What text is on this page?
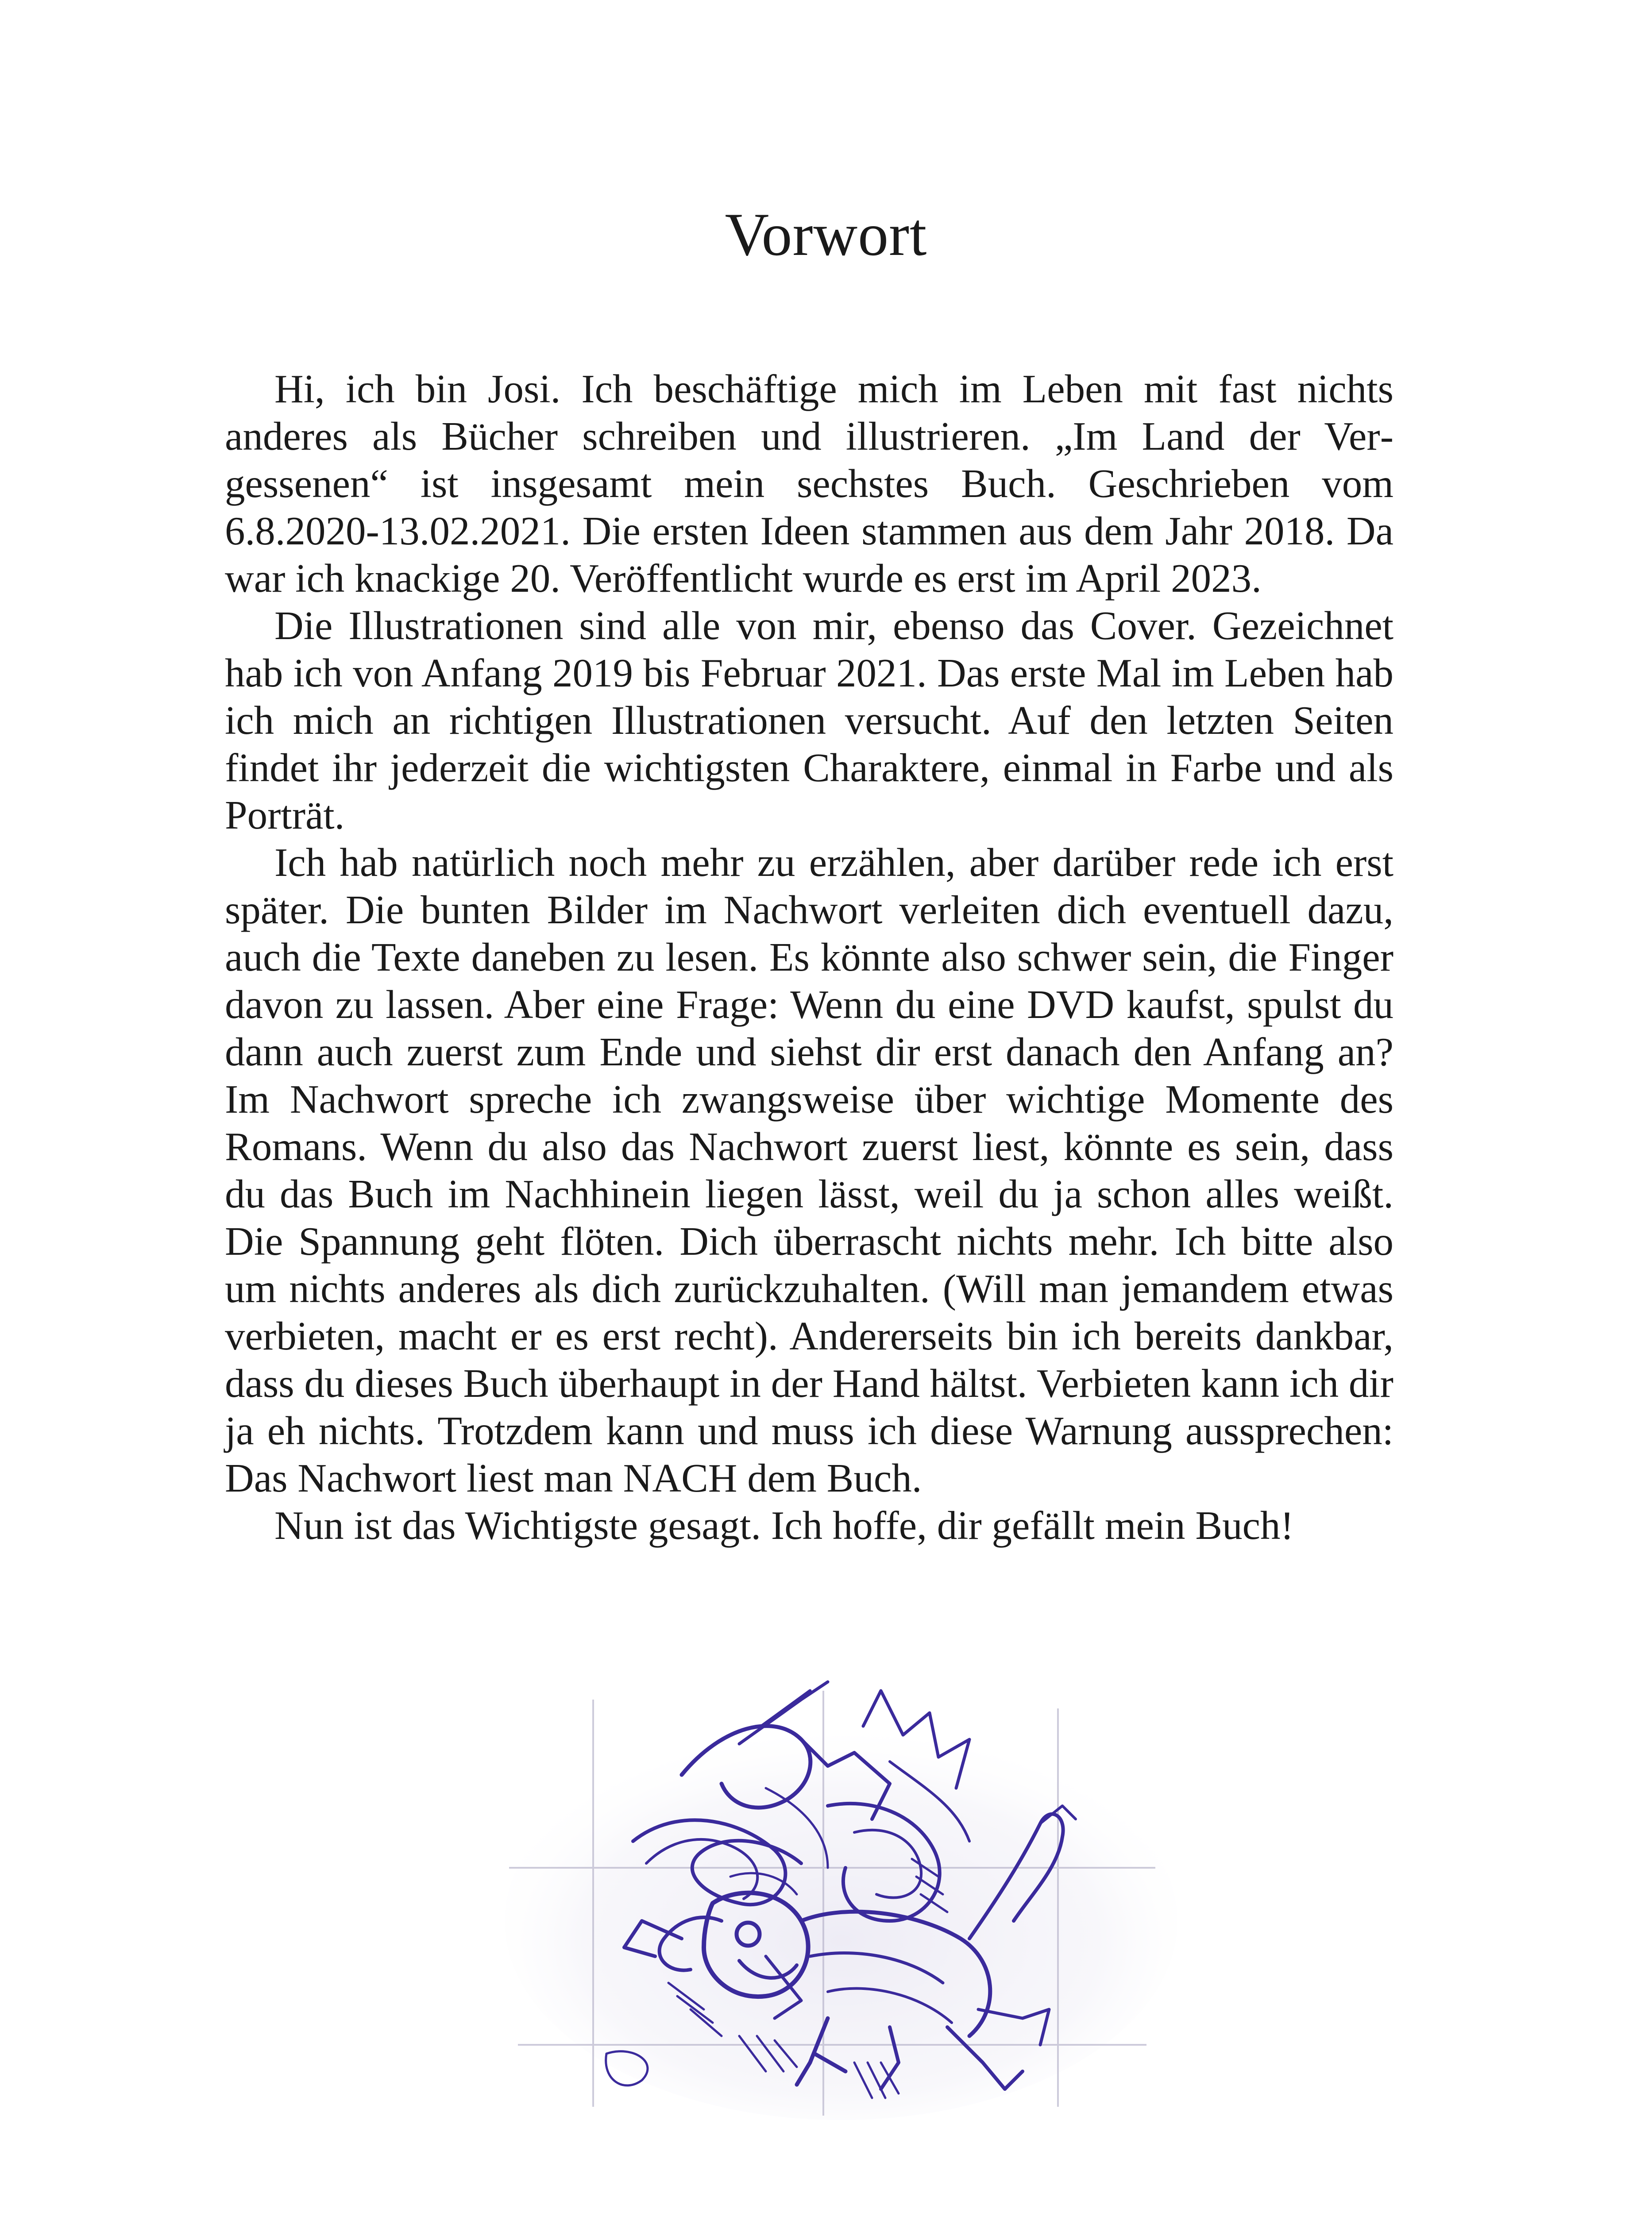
Vorwort

Hi, ich bin Josi. Ich beschäftige mich im Leben mit fast nichts anderes als Bücher schreiben und illustrieren. „Im Land der Vergessenen“ ist insgesamt mein sechstes Buch. Geschrieben vom 6.8.2020-13.02.2021. Die ersten Ideen stammen aus dem Jahr 2018. Da war ich knackige 20. Veröffentlicht wurde es erst im April 2023.

Die Illustrationen sind alle von mir, ebenso das Cover. Gezeichnet hab ich von Anfang 2019 bis Februar 2021. Das erste Mal im Leben hab ich mich an richtigen Illustrationen versucht. Auf den letzten Seiten findet ihr jederzeit die wichtigsten Charaktere, einmal in Farbe und als Porträt.

Ich hab natürlich noch mehr zu erzählen, aber darüber rede ich erst später. Die bunten Bilder im Nachwort verleiten dich eventuell dazu, auch die Texte daneben zu lesen. Es könnte also schwer sein, die Finger davon zu lassen. Aber eine Frage: Wenn du eine DVD kaufst, spulst du dann auch zuerst zum Ende und siehst dir erst danach den Anfang an? Im Nachwort spreche ich zwangsweise über wichtige Momente des Romans. Wenn du also das Nachwort zuerst liest, könnte es sein, dass du das Buch im Nachhinein liegen lässt, weil du ja schon alles weißt. Die Spannung geht flöten. Dich überrascht nichts mehr. Ich bitte also um nichts anderes als dich zurückzuhalten. (Will man jemandem etwas verbieten, macht er es erst recht). Andererseits bin ich bereits dankbar, dass du dieses Buch überhaupt in der Hand hältst. Verbieten kann ich dir ja eh nichts. Trotzdem kann und muss ich diese Warnung aussprechen: Das Nachwort liest man NACH dem Buch.

Nun ist das Wichtigste gesagt. Ich hoffe, dir gefällt mein Buch!
